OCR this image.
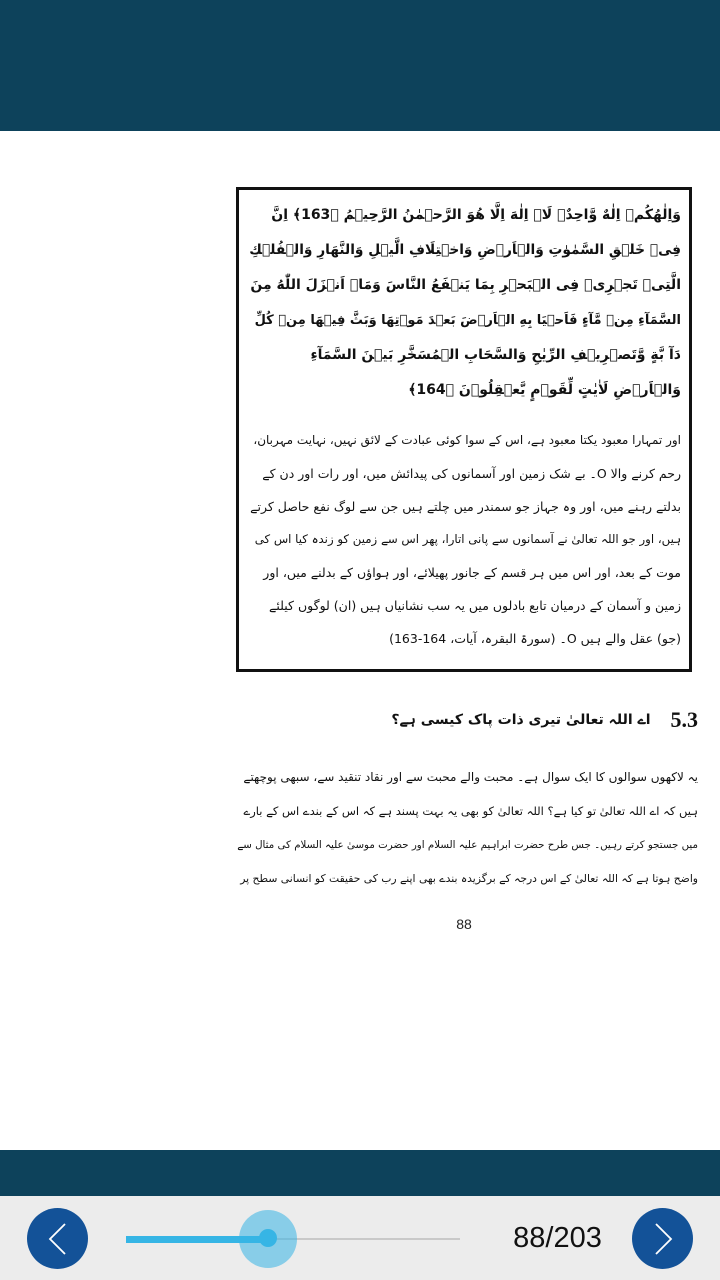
وَاِلٰهُكُمۡ اِلٰهٌ وَّاحِدٌ‌ۚ لَاۤ اِلٰهَ اِلَّا هُوَ الرَّحۡمٰنُ الرَّحِيۡمُ ﴿163﴾ اِنَّ
فِىۡ خَلۡقِ السَّمٰوٰتِ وَالۡاَرۡضِ وَاخۡتِلَافِ الَّيۡلِ وَالنَّهَارِ وَالۡفُلۡكِ
الَّتِىۡ تَجۡرِىۡ فِى الۡبَحۡرِ بِمَا يَنۡفَعُ النَّاسَ وَمَاۤ اَنۡزَلَ اللّٰهُ مِنَ
السَّمَآءِ مِنۡ مَّآءٍ فَاَحۡيَا بِهِ الۡاَرۡضَ بَعۡدَ مَوۡتِهَا وَبَثَّ فِيۡهَا مِنۡ كُلِّ
دَآ بَّةٍ وَّتَصۡرِيۡفِ الرِّيٰحِ وَالسَّحَابِ الۡمُسَخَّرِ بَيۡنَ السَّمَآءِ
وَالۡاَرۡضِ لَاٰيٰتٍ لِّقَوۡمٍ يَّعۡقِلُوۡنَ ﴿164﴾
اور تمہارا معبود یکتا معبود ہے، اس کے سوا کوئی عبادت کے لائق نہیں، نہایت مہربان،
رحم کرنے والا O۔ بے شک زمین اور آسمانوں کی پیدائش میں، اور رات اور دن کے
بدلتے رہنے میں، اور وہ جہاز جو سمندر میں چلتے ہیں جن سے لوگ نفع حاصل کرتے
ہیں، اور جو اللہ تعالیٰ نے آسمانوں سے پانی اتارا، پھر اس سے زمین کو زندہ کیا اس کی
موت کے بعد، اور اس میں ہر قسم کے جانور پھیلائے، اور ہواؤں کے بدلنے میں، اور
زمین و آسمان کے درمیان تابع بادلوں میں یہ سب نشانیاں ہیں (ان) لوگوں کیلئے
(جو) عقل والے ہیں O۔ (سورۃ البقرہ، آیات، 164-163)
5.3
اے اللہ تعالیٰ تیری ذات پاک کیسی ہے؟
یہ لاکھوں سوالوں کا ایک سوال ہے۔ محبت والے محبت سے اور نقاد تنقید سے، سبھی پوچھتے
ہیں کہ اے اللہ تعالیٰ تو کیا ہے؟ اللہ تعالیٰ کو بھی یہ بہت پسند ہے کہ اس کے بندے اس کے بارے
میں جستجو کرتے رہیں۔ جس طرح حضرت ابراہیم علیہ السلام اور حضرت موسیٰ علیہ السلام کی مثال سے
واضح ہوتا ہے کہ اللہ تعالیٰ کے اس درجہ کے برگزیدہ بندے بھی اپنے رب کی حقیقت کو انسانی سطح پر
88
88/203
